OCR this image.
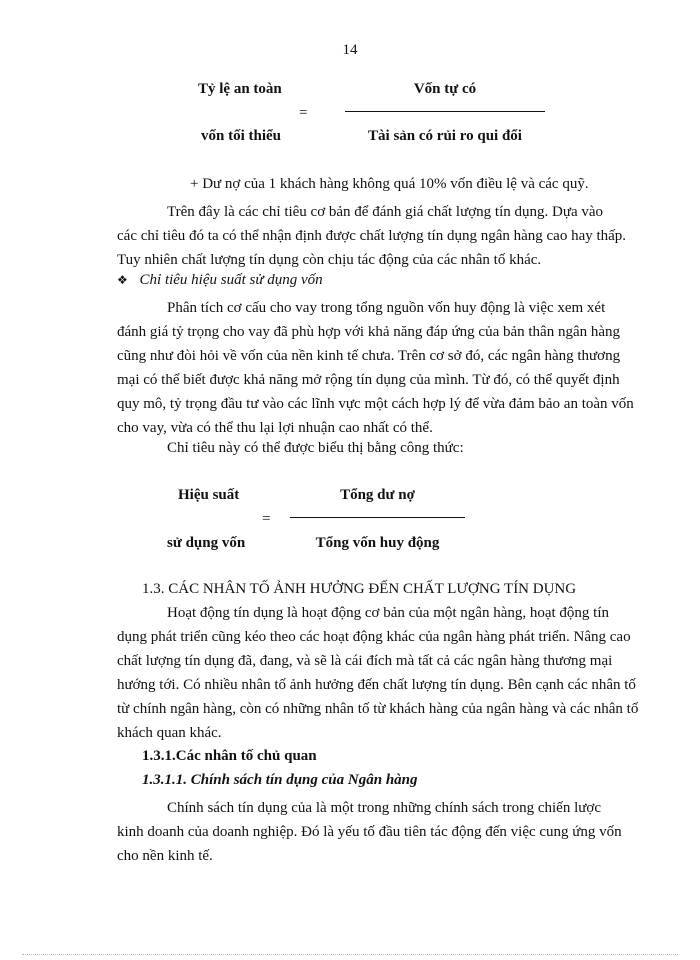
14
Tỷ lệ an toàn
=
vốn tối thiểu
Vốn tự có
Tài sản có rủi ro qui đổi
+ Dư nợ của 1 khách hàng không quá 10% vốn điều lệ và các quỹ.
Trên đây là các chỉ tiêu cơ bản để đánh giá chất lượng tín dụng. Dựa vào
các chỉ tiêu đó ta có thể nhận định được chất lượng tín dụng ngân hàng cao hay thấp.
Tuy nhiên chất lượng tín dụng còn chịu tác động của các nhân tố khác.
❖ Chỉ tiêu hiệu suất sử dụng vốn
Phân tích cơ cấu cho vay trong tổng nguồn vốn huy động là việc xem xét
đánh giá tỷ trọng cho vay đã phù hợp với khả năng đáp ứng của bản thân ngân hàng
cũng như đòi hỏi về vốn của nền kinh tế chưa. Trên cơ sở đó, các ngân hàng thương
mại có thể biết được khả năng mở rộng tín dụng của mình. Từ đó, có thể quyết định
quy mô, tỷ trọng đầu tư vào các lĩnh vực một cách hợp lý để vừa đảm bảo an toàn vốn
cho vay, vừa có thể thu lại lợi nhuận cao nhất có thể.
Chỉ tiêu này có thể được biểu thị bằng công thức:
Hiệu suất
=
sử dụng vốn
Tổng dư nợ
Tổng vốn huy động
1.3. CÁC NHÂN TỐ ẢNH HƯỞNG ĐẾN CHẤT LƯỢNG TÍN DỤNG
Hoạt động tín dụng là hoạt động cơ bản của một ngân hàng, hoạt động tín
dụng phát triển cũng kéo theo các hoạt động khác của ngân hàng phát triển. Nâng cao
chất lượng tín dụng đã, đang, và sẽ là cái đích mà tất cả các ngân hàng thương mại
hướng tới. Có nhiều nhân tố ảnh hưởng đến chất lượng tín dụng. Bên cạnh các nhân tố
từ chính ngân hàng, còn có những nhân tố từ khách hàng của ngân hàng và các nhân tố
khách quan khác.
1.3.1.Các nhân tố chủ quan
1.3.1.1. Chính sách tín dụng của Ngân hàng
Chính sách tín dụng của là một trong những chính sách trong chiến lược
kinh doanh của doanh nghiệp. Đó là yếu tố đầu tiên tác động đến việc cung ứng vốn
cho nền kinh tế.
